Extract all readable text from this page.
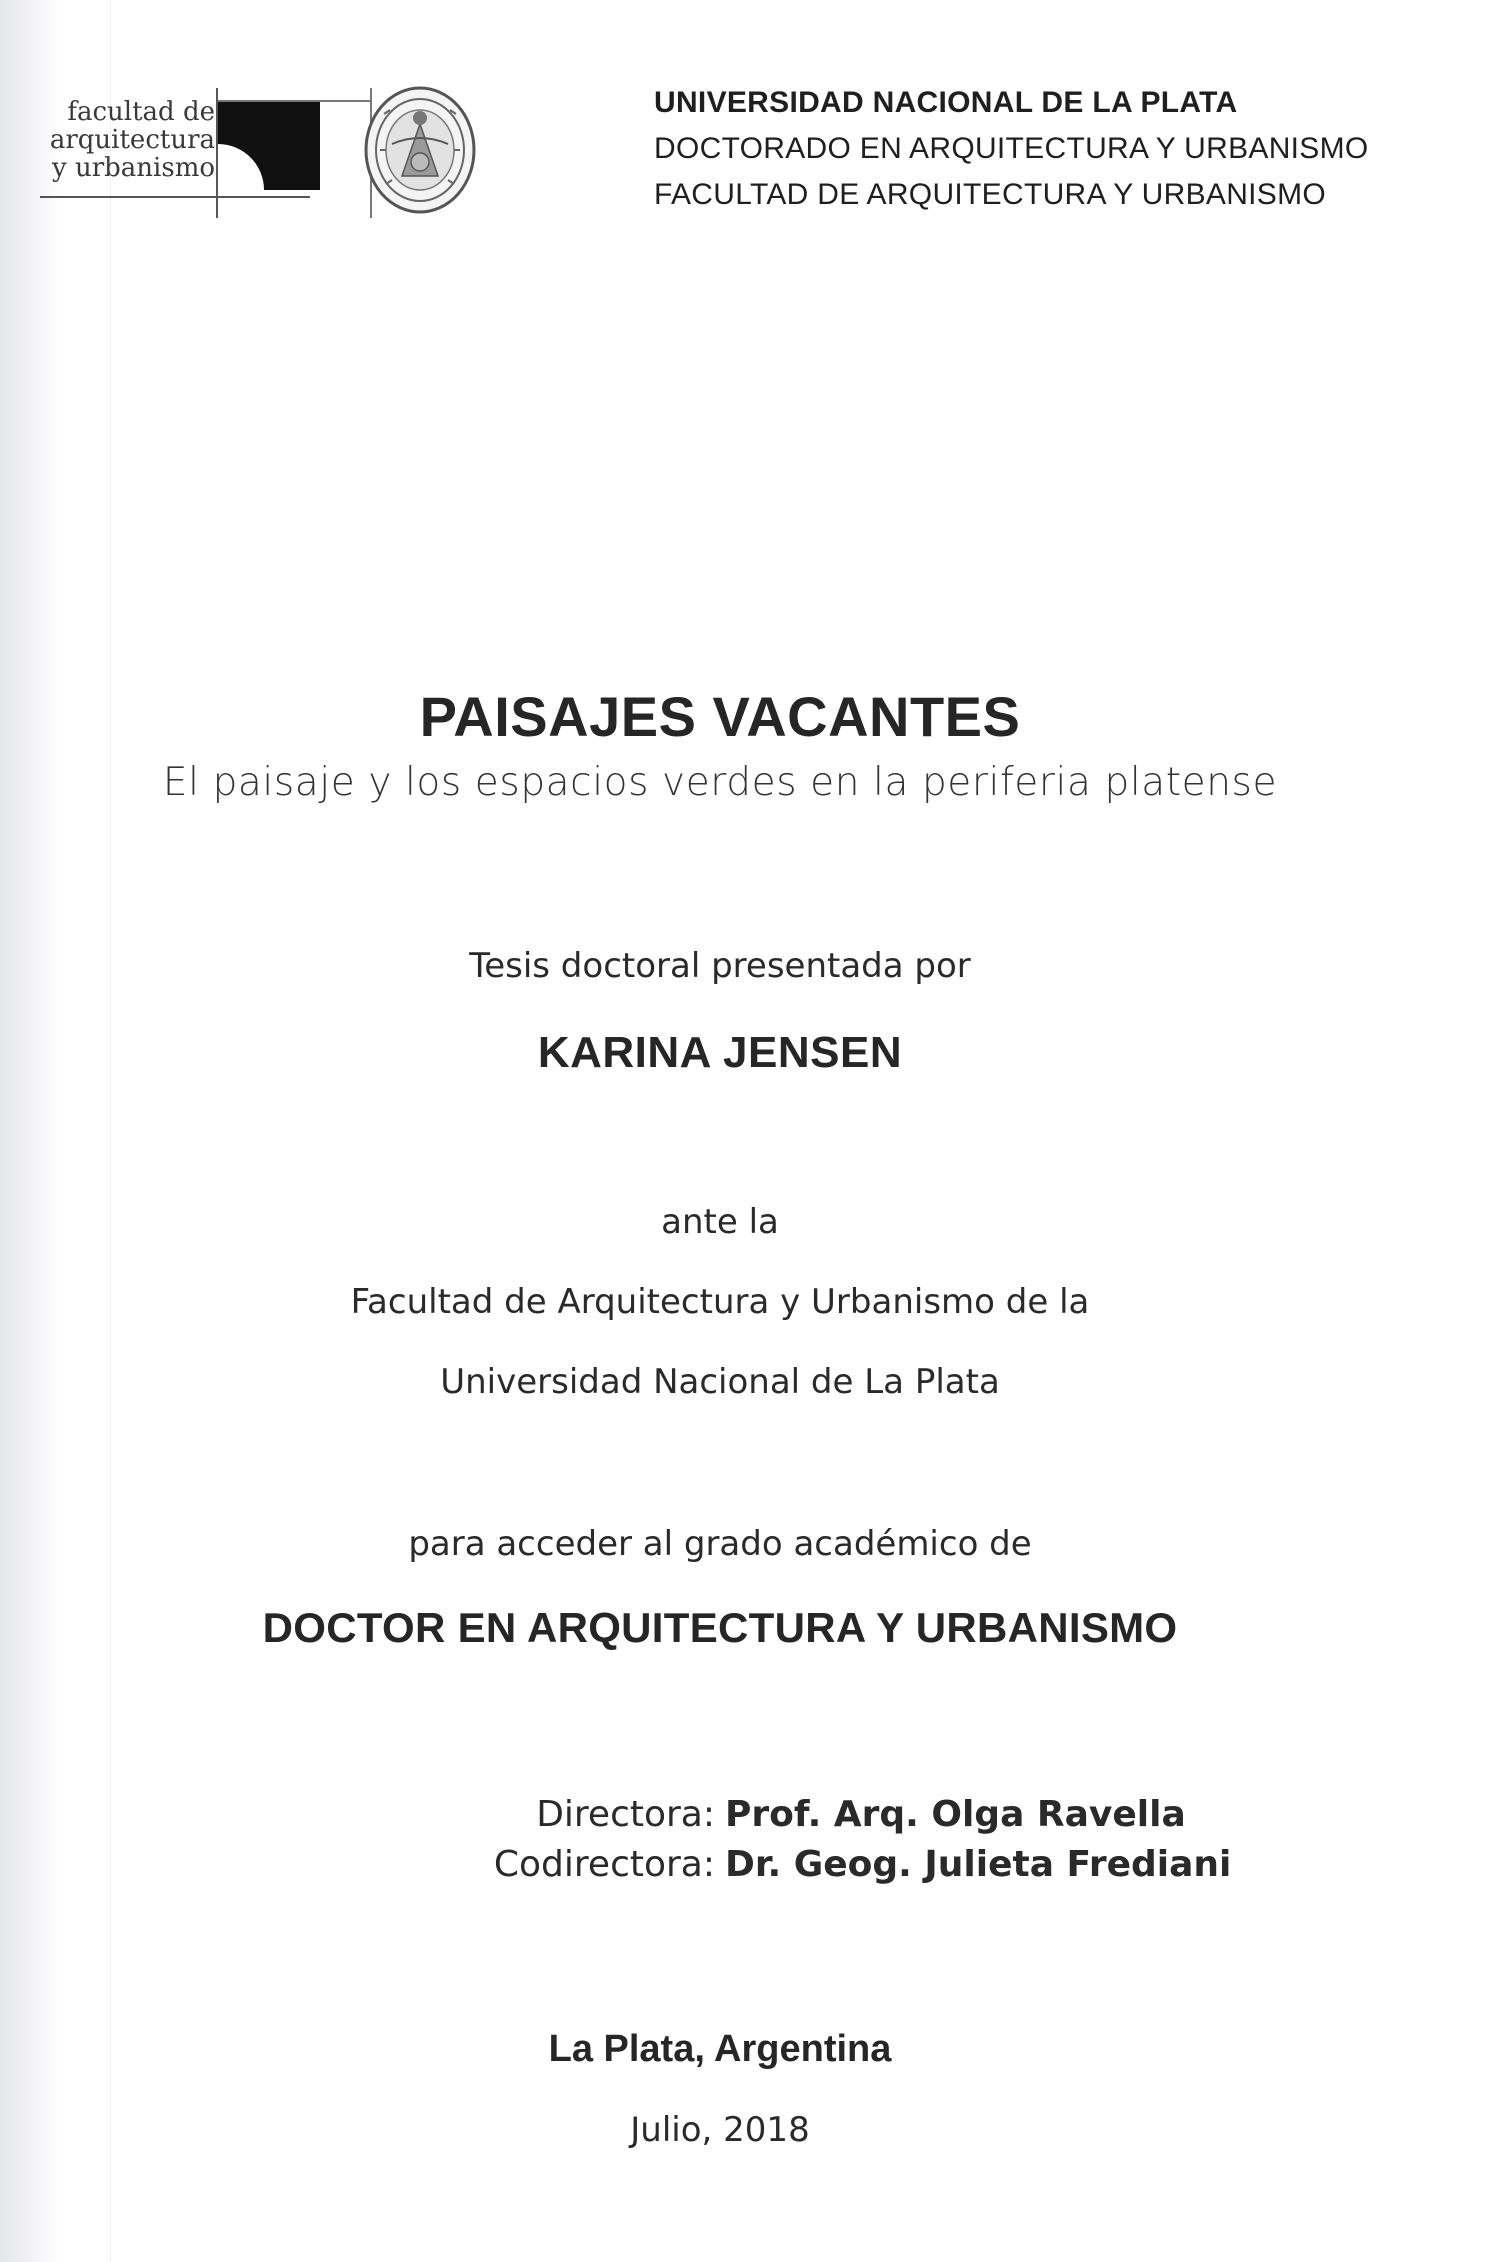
facultad de
arquitectura
y urbanismo
UNIVERSIDAD NACIONAL DE LA PLATA
DOCTORADO EN ARQUITECTURA Y URBANISMO
FACULTAD DE ARQUITECTURA Y URBANISMO
PAISAJES VACANTES
El paisaje y los espacios verdes en la periferia platense
Tesis doctoral presentada por
KARINA JENSEN
ante la
Facultad de Arquitectura y Urbanismo de la
Universidad Nacional de La Plata
para acceder al grado académico de
DOCTOR EN ARQUITECTURA Y URBANISMO
Directora: Prof. Arq. Olga Ravella
Codirectora: Dr. Geog. Julieta Frediani
La Plata, Argentina
Julio, 2018
